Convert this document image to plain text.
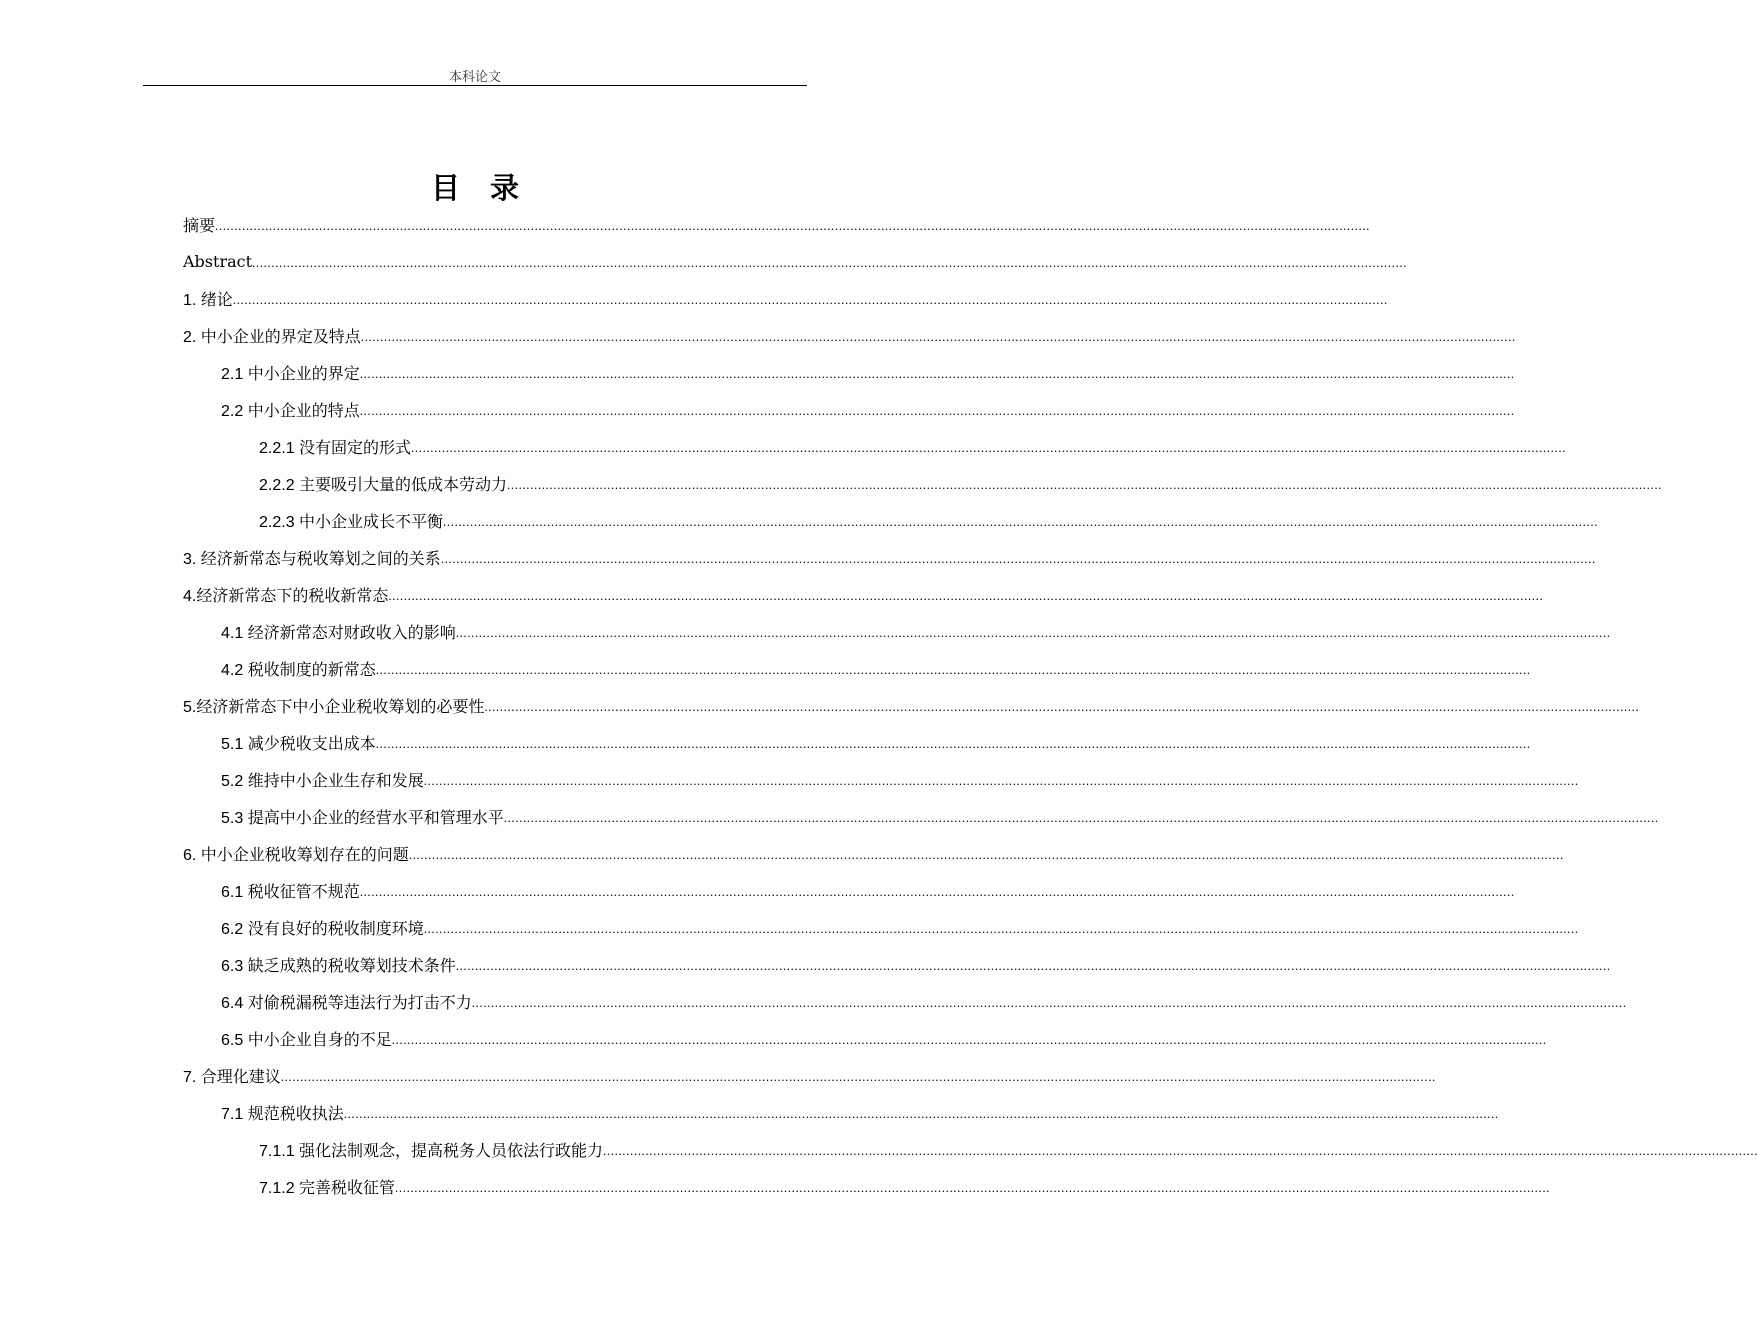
本科论文
目录
摘要 ............................................................................................................................................................................................................................................................................................................
Abstract ............................................................................................................................................................................................................................................................................................................
1. 绪论 ............................................................................................................................................................................................................................................................................................................
2. 中小企业的界定及特点 ............................................................................................................................................................................................................................................................................................................
2.1 中小企业的界定 ............................................................................................................................................................................................................................................................................................................
2.2 中小企业的特点 ............................................................................................................................................................................................................................................................................................................
2.2.1 没有固定的形式 ............................................................................................................................................................................................................................................................................................................
2.2.2 主要吸引大量的低成本劳动力 ............................................................................................................................................................................................................................................................................................................
2.2.3 中小企业成长不平衡 ............................................................................................................................................................................................................................................................................................................
3. 经济新常态与税收筹划之间的关系 ............................................................................................................................................................................................................................................................................................................
4.经济新常态下的税收新常态 ............................................................................................................................................................................................................................................................................................................
4.1 经济新常态对财政收入的影响 ............................................................................................................................................................................................................................................................................................................
4.2 税收制度的新常态 ............................................................................................................................................................................................................................................................................................................
5.经济新常态下中小企业税收筹划的必要性 ............................................................................................................................................................................................................................................................................................................
5.1 减少税收支出成本 ............................................................................................................................................................................................................................................................................................................
5.2 维持中小企业生存和发展 ............................................................................................................................................................................................................................................................................................................
5.3 提高中小企业的经营水平和管理水平 ............................................................................................................................................................................................................................................................................................................
6. 中小企业税收筹划存在的问题 ............................................................................................................................................................................................................................................................................................................
6.1 税收征管不规范 ............................................................................................................................................................................................................................................................................................................
6.2 没有良好的税收制度环境 ............................................................................................................................................................................................................................................................................................................
6.3 缺乏成熟的税收筹划技术条件 ............................................................................................................................................................................................................................................................................................................
6.4 对偷税漏税等违法行为打击不力 ............................................................................................................................................................................................................................................................................................................
6.5 中小企业自身的不足 ............................................................................................................................................................................................................................................................................................................
7. 合理化建议 ............................................................................................................................................................................................................................................................................................................
7.1 规范税收执法 ............................................................................................................................................................................................................................................................................................................
7.1.1 强化法制观念，提高税务人员依法行政能力 ............................................................................................................................................................................................................................................................................................................
7.1.2 完善税收征管 ............................................................................................................................................................................................................................................................................................................
